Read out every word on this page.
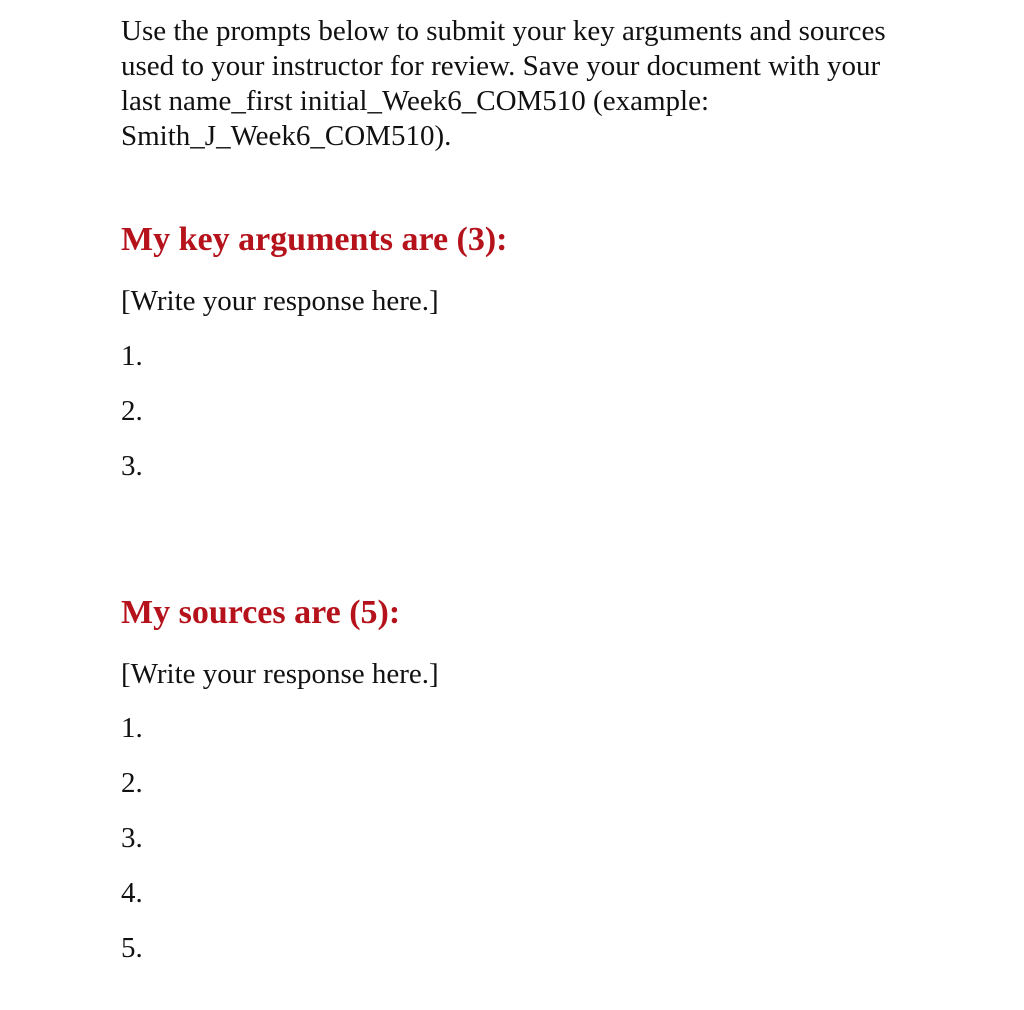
Use the prompts below to submit your key arguments and sources used to your instructor for review. Save your document with your last name_first initial_Week6_COM510 (example: Smith_J_Week6_COM510).

My key arguments are (3):

[Write your response here.]

1.

2.

3.

My sources are (5):

[Write your response here.]

1.

2.

3.

4.

5.
